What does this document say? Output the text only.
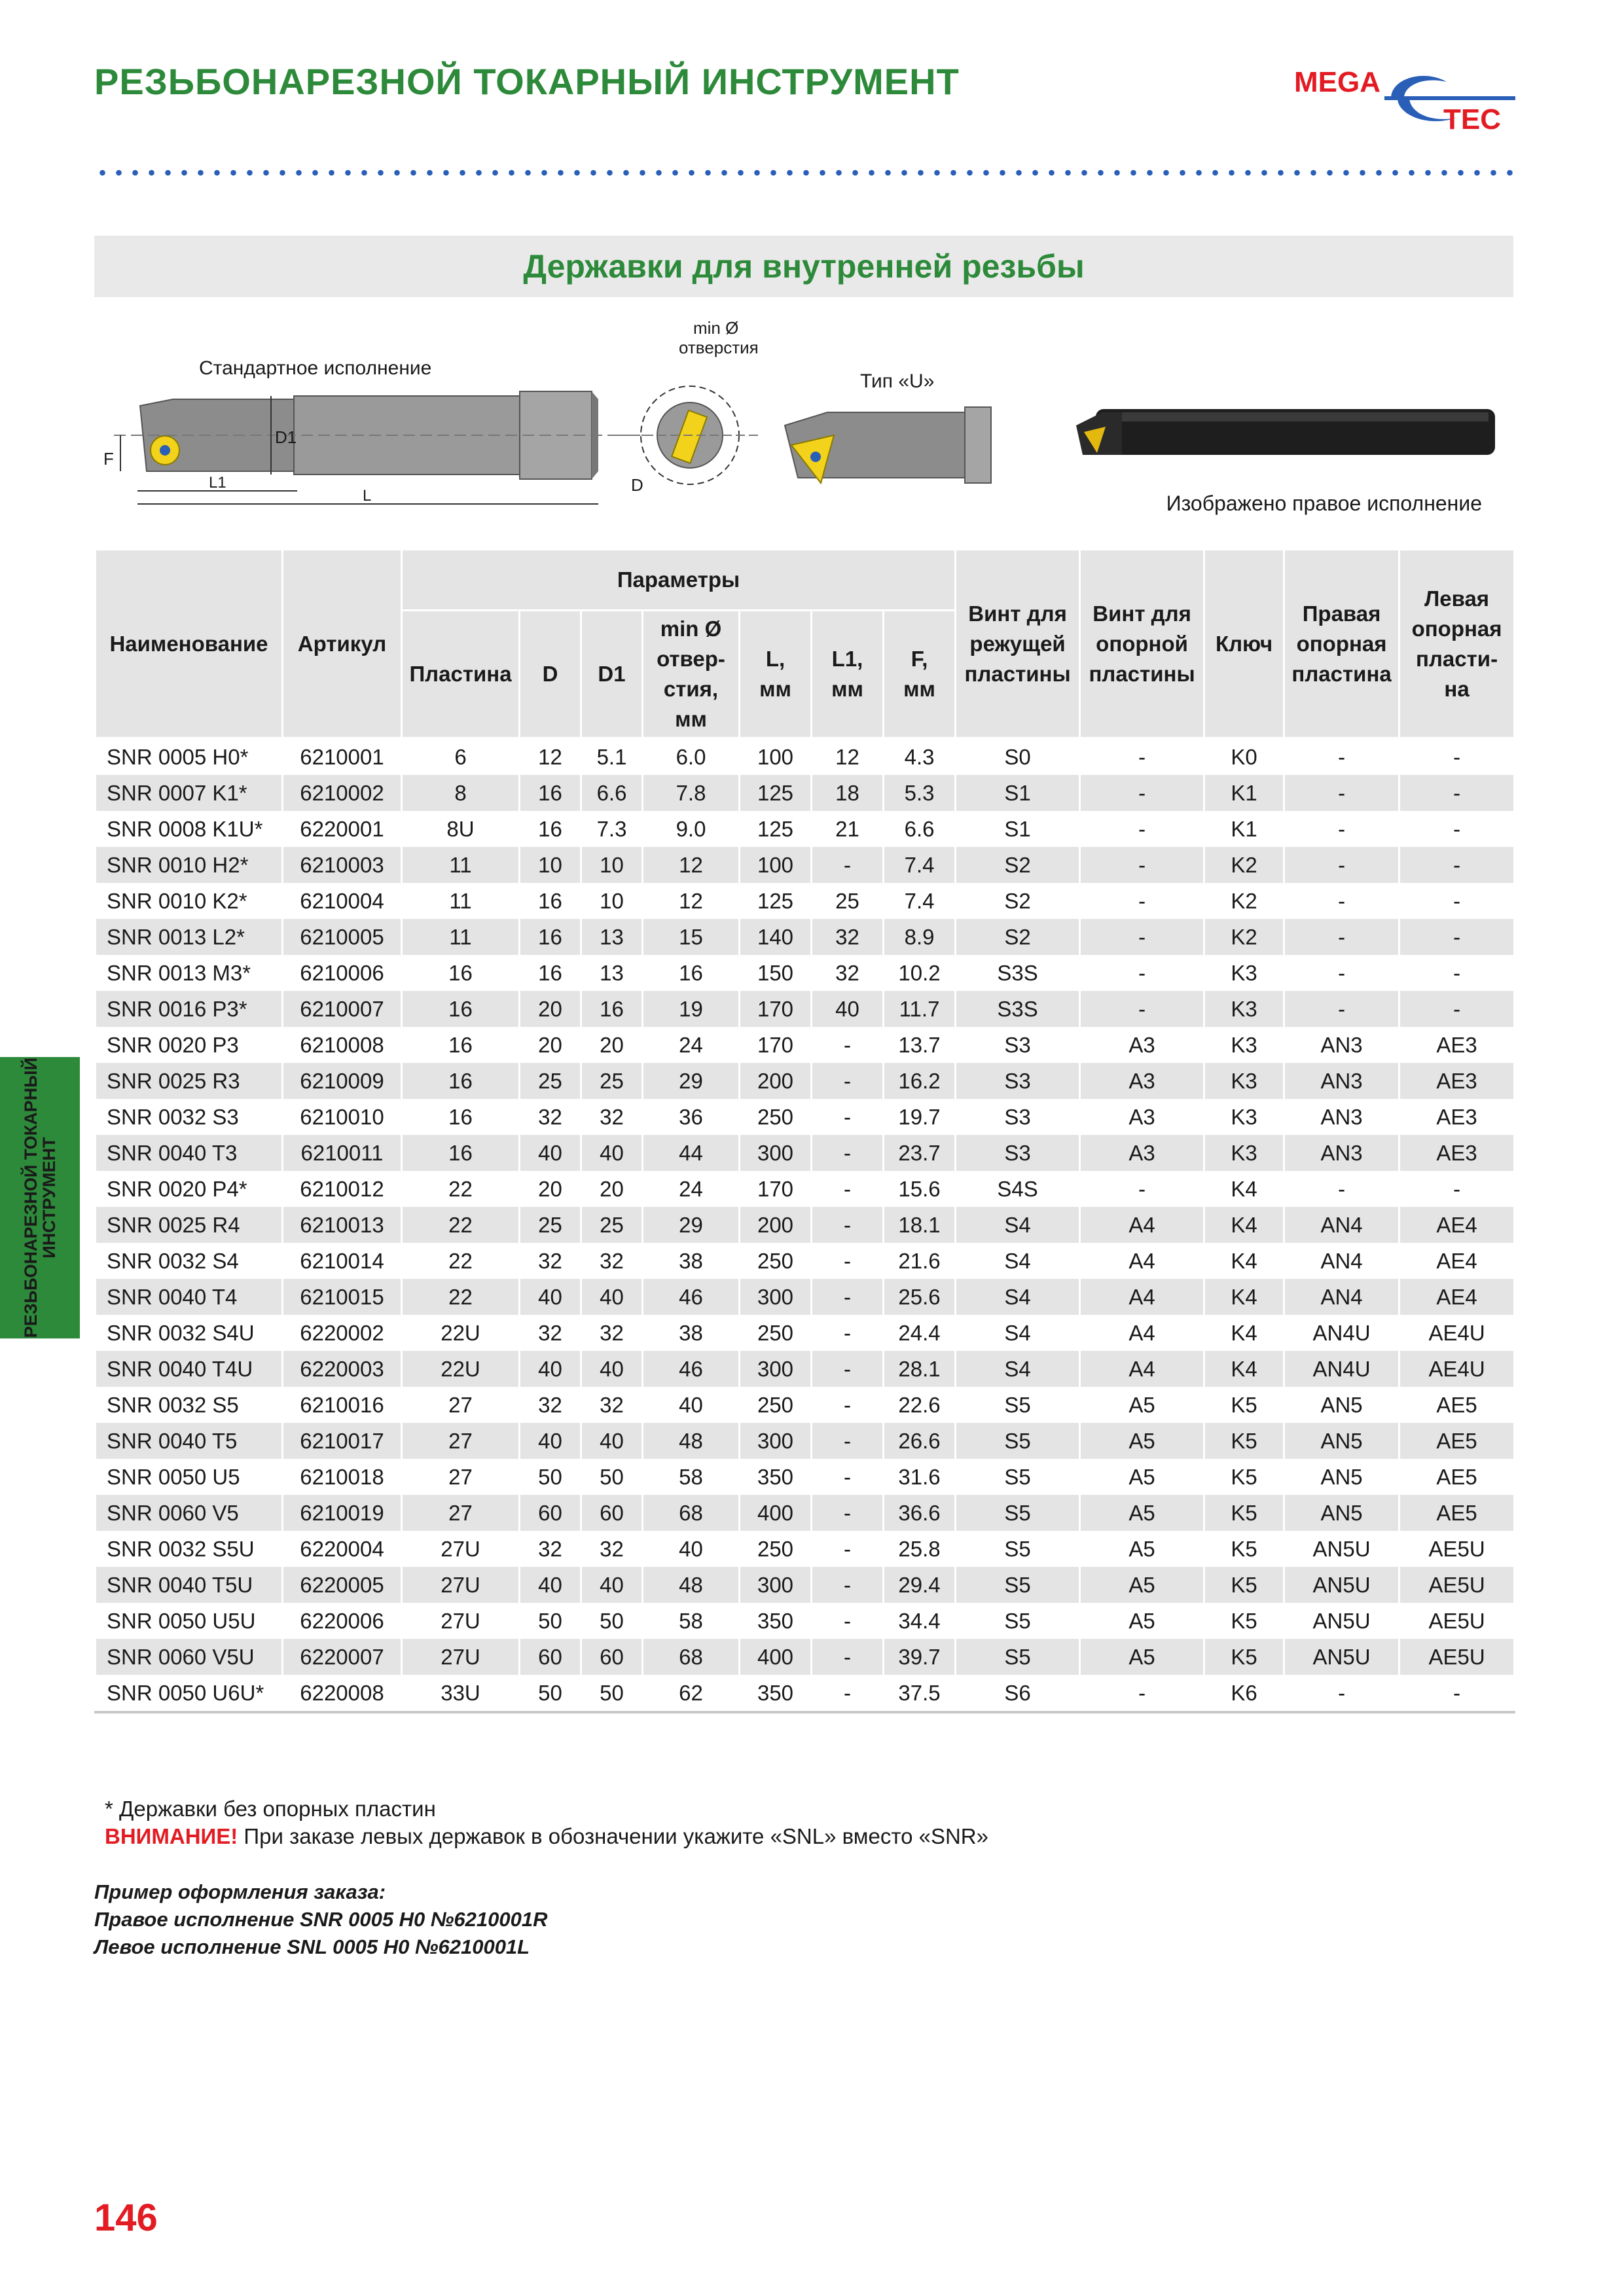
РЕЗЬБОНАРЕЗНОЙ ТОКАРНЫЙ ИНСТРУМЕНТ	MEGA
TEC
Державки для внутренней резьбы
Стандартное исполнение
D1
F
L1
L
min Ø
отверстия
D
Тип «U»
Изображено правое исполнение
РЕЗЬБОНАРЕЗНОЙ ТОКАРНЫЙ
ИНСТРУМЕНТ
Наименование	Артикул	Параметры							Винт для
режущей
пластины	Винт для
опорной
пластины	Ключ	Правая
опорная
пластина	Левая
опорная
пласти-
на
		Пластина	D	D1	min Ø
отвер-
стия, мм	L,
мм	L1,
мм	F,
мм					
SNR 0005 H0*	6210001	6	12	5.1	6.0	100	12	4.3	S0	-	K0	-	-
SNR 0007 K1*	6210002	8	16	6.6	7.8	125	18	5.3	S1	-	K1	-	-
SNR 0008 K1U*	6220001	8U	16	7.3	9.0	125	21	6.6	S1	-	K1	-	-
SNR 0010 H2*	6210003	11	10	10	12	100	-	7.4	S2	-	K2	-	-
SNR 0010 K2*	6210004	11	16	10	12	125	25	7.4	S2	-	K2	-	-
SNR 0013 L2*	6210005	11	16	13	15	140	32	8.9	S2	-	K2	-	-
SNR 0013 M3*	6210006	16	16	13	16	150	32	10.2	S3S	-	K3	-	-
SNR 0016 P3*	6210007	16	20	16	19	170	40	11.7	S3S	-	K3	-	-
SNR 0020 P3	6210008	16	20	20	24	170	-	13.7	S3	A3	K3	AN3	AE3
SNR 0025 R3	6210009	16	25	25	29	200	-	16.2	S3	A3	K3	AN3	AE3
SNR 0032 S3	6210010	16	32	32	36	250	-	19.7	S3	A3	K3	AN3	AE3
SNR 0040 T3	6210011	16	40	40	44	300	-	23.7	S3	A3	K3	AN3	AE3
SNR 0020 P4*	6210012	22	20	20	24	170	-	15.6	S4S	-	K4	-	-
SNR 0025 R4	6210013	22	25	25	29	200	-	18.1	S4	A4	K4	AN4	AE4
SNR 0032 S4	6210014	22	32	32	38	250	-	21.6	S4	A4	K4	AN4	AE4
SNR 0040 T4	6210015	22	40	40	46	300	-	25.6	S4	A4	K4	AN4	AE4
SNR 0032 S4U	6220002	22U	32	32	38	250	-	24.4	S4	A4	K4	AN4U	AE4U
SNR 0040 T4U	6220003	22U	40	40	46	300	-	28.1	S4	A4	K4	AN4U	AE4U
SNR 0032 S5	6210016	27	32	32	40	250	-	22.6	S5	A5	K5	AN5	AE5
SNR 0040 T5	6210017	27	40	40	48	300	-	26.6	S5	A5	K5	AN5	AE5
SNR 0050 U5	6210018	27	50	50	58	350	-	31.6	S5	A5	K5	AN5	AE5
SNR 0060 V5	6210019	27	60	60	68	400	-	36.6	S5	A5	K5	AN5	AE5
SNR 0032 S5U	6220004	27U	32	32	40	250	-	25.8	S5	A5	K5	AN5U	AE5U
SNR 0040 T5U	6220005	27U	40	40	48	300	-	29.4	S5	A5	K5	AN5U	AE5U
SNR 0050 U5U	6220006	27U	50	50	58	350	-	34.4	S5	A5	K5	AN5U	AE5U
SNR 0060 V5U	6220007	27U	60	60	68	400	-	39.7	S5	A5	K5	AN5U	AE5U
SNR 0050 U6U*	6220008	33U	50	50	62	350	-	37.5	S6	-	K6	-	-
* Державки без опорных пластин
ВНИМАНИЕ! При заказе левых державок в обозначении укажите «SNL» вместо «SNR»
Пример оформления заказа:
Правое исполнение SNR 0005 H0 №6210001R
Левое исполнение SNL 0005 H0 №6210001L
146
